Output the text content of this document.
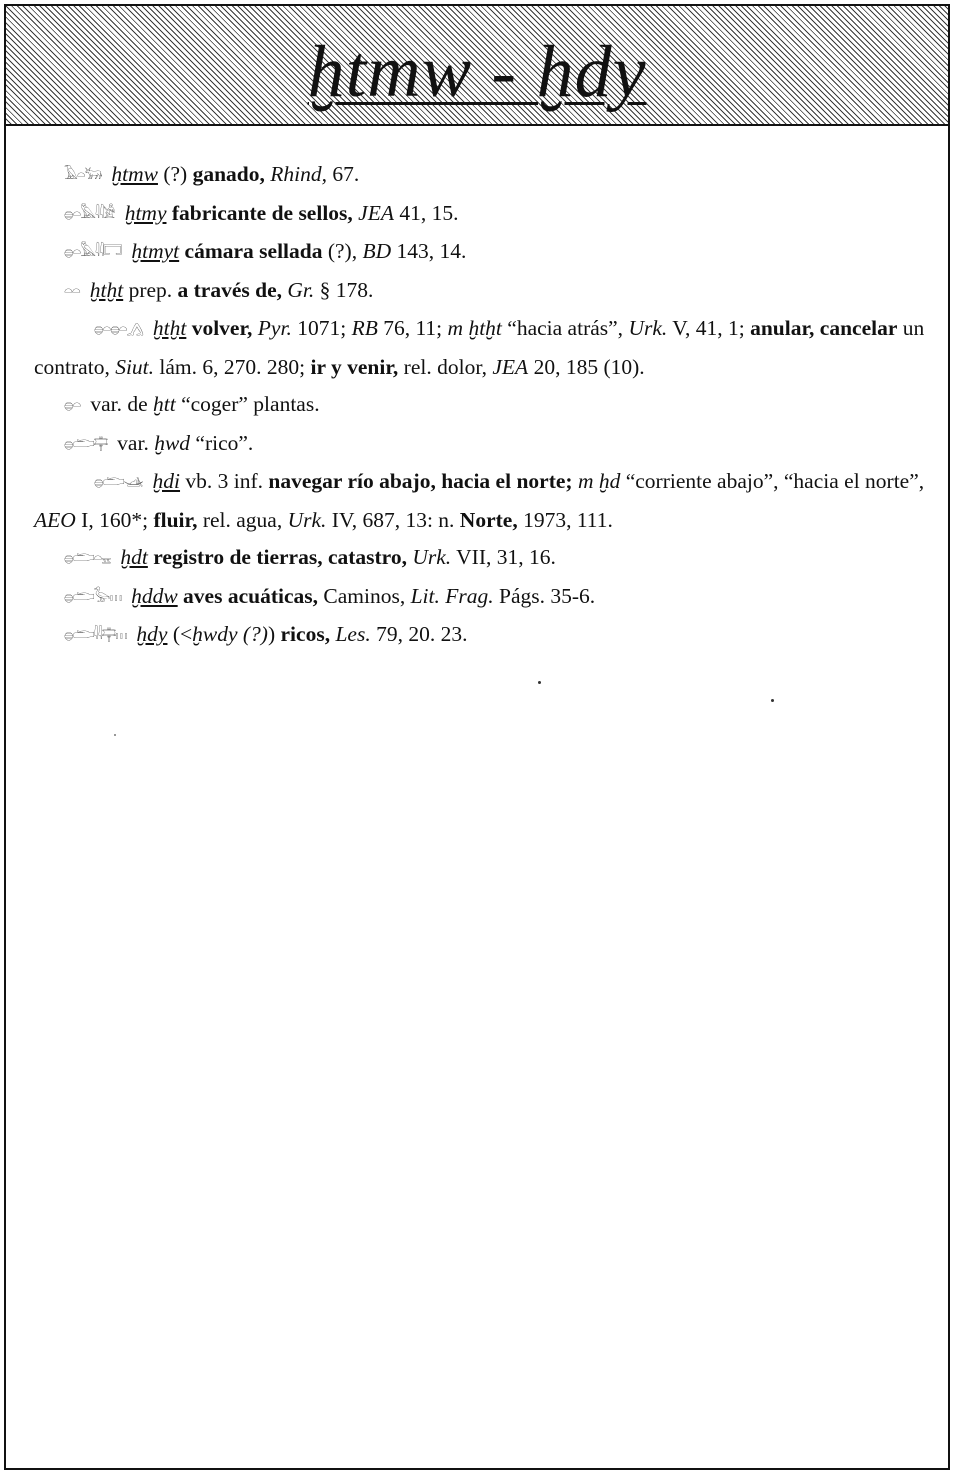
ḫtmw - ḫdy
𓄿𓏏𓃒 ḫtmw (?) ganado, Rhind, 67.
𓐍𓏏𓅓𓇌𓀀 ḫtmy fabricante de sellos, JEA 41, 15.
𓐍𓏏𓅓𓇌𓉐 ḫtmyt cámara sellada (?), BD 143, 14.
𓏏𓏏 ḫtḫt prep. a través de, Gr. § 178.
𓐍𓏏𓐍𓏏𓂻 ḫtḫt volver, Pyr. 1071; RB 76, 11; m ḫtḫt “hacia atrás”, Urk. V, 41, 1; anular, cancelar un contrato, Siut. lám. 6, 270. 280; ir y venir, rel. dolor, JEA 20, 185 (10).
𓐍𓏏 var. de ḫtt “coger” plantas.
𓐍𓂧𓊡 var. ḫwd “rico”.
𓐍𓂧𓊛 ḫdi vb. 3 inf. navegar río abajo, hacia el norte; m ḫd “corriente abajo”, “hacia el norte”, AEO I, 160*; fluir, rel. agua, Urk. IV, 687, 13: n. Norte, 1973, 111.
𓐍𓂧𓏏𓈇 ḫdt registro de tierras, catastro, Urk. VII, 31, 16.
𓐍𓂧𓅭𓏥 ḫddw aves acuáticas, Caminos, Lit. Frag. Págs. 35-6.
𓐍𓂧𓇌𓊡𓏥 ḫdy (<ḫwdy (?)) ricos, Les. 79, 20. 23.
